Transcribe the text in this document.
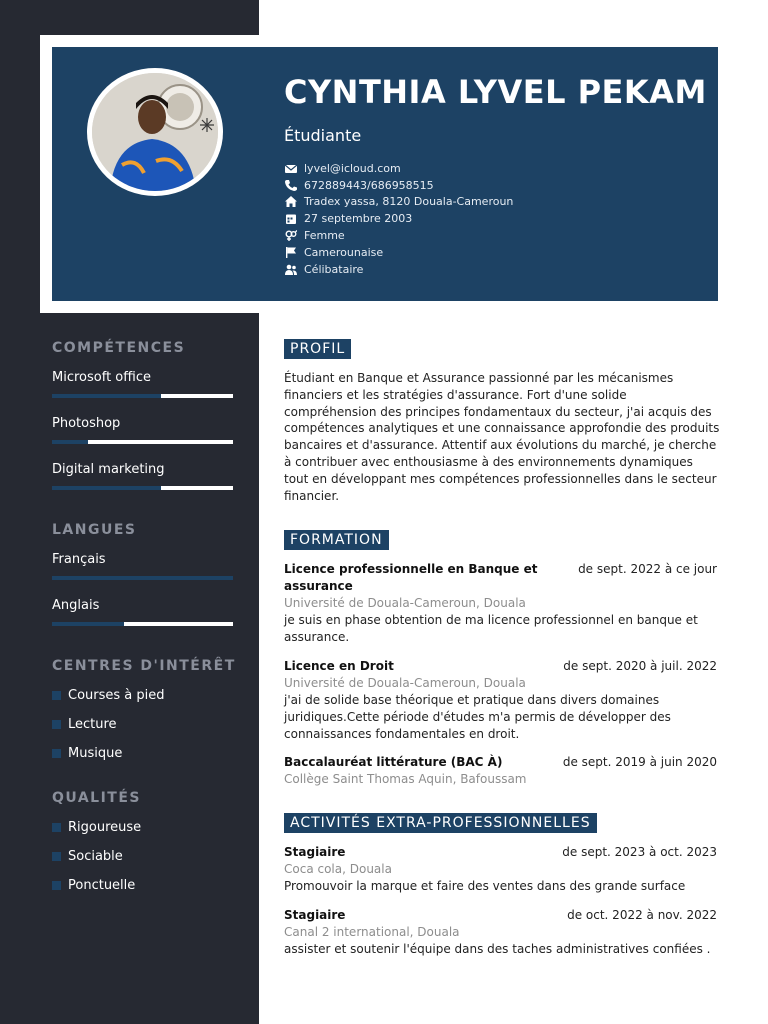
CYNTHIA LYVEL PEKAM
Étudiante
lyvel@icloud.com
672889443/686958515
Tradex yassa, 8120 Douala-Cameroun
27 septembre 2003
Femme
Camerounaise
Célibataire
COMPÉTENCES
Microsoft office
Photoshop
Digital marketing
LANGUES
Français
Anglais
CENTRES D'INTÉRÊT
Courses à pied
Lecture
Musique
QUALITÉS
Rigoureuse
Sociable
Ponctuelle
PROFIL

Étudiant en Banque et Assurance passionné par les mécanismes financiers et les stratégies d'assurance. Fort d'une solide compréhension des principes fondamentaux du secteur, j'ai acquis des compétences analytiques et une connaissance approfondie des produits bancaires et d'assurance. Attentif aux évolutions du marché, je cherche à contribuer avec enthousiasme à des environnements dynamiques tout en développant mes compétences professionnelles dans le secteur financier.

FORMATION
Licence professionnelle en Banque et assurance
de sept. 2022 à ce jour
Université de Douala-Cameroun, Douala

je suis en phase obtention de ma licence professionnel en banque et assurance.

Licence en Droit	de sept. 2020 à juil. 2022
Université de Douala-Cameroun, Douala

j'ai de solide base théorique et pratique dans divers domaines juridiques.Cette période d'études m'a permis de développer des connaissances fondamentales en droit.

Baccalauréat littérature (BAC À)	de sept. 2019 à juin 2020
Collège Saint Thomas Aquin, Bafoussam
ACTIVITÉS EXTRA-PROFESSIONNELLES
Stagiaire	de sept. 2023 à oct. 2023
Coca cola, Douala

Promouvoir la marque et faire des ventes dans des grande surface

Stagiaire	de oct. 2022 à nov. 2022
Canal 2 international, Douala

assister et soutenir l'équipe dans des taches administratives confiées .
